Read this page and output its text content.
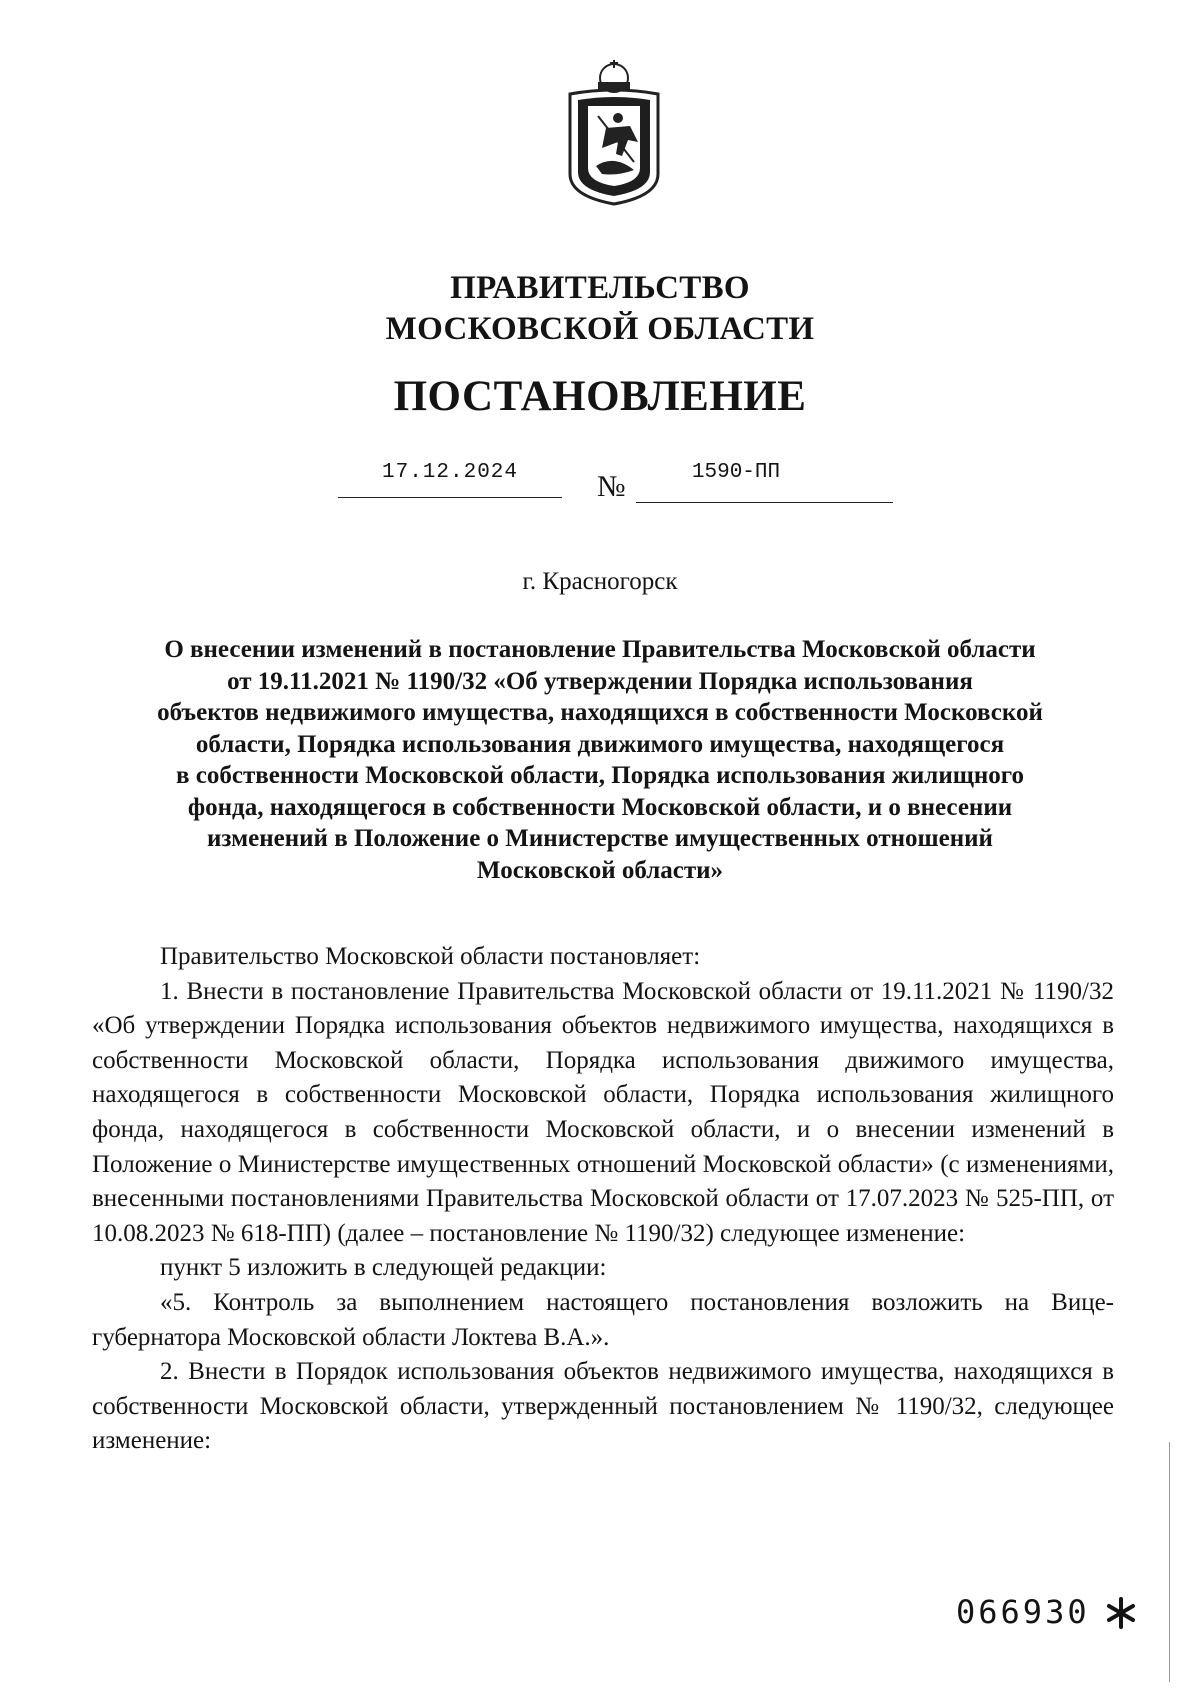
ПРАВИТЕЛЬСТВО
МОСКОВСКОЙ ОБЛАСТИ
ПОСТАНОВЛЕНИЕ
17.12.2024	№	1590-ПП
г. Красногорск
О внесении изменений в постановление Правительства Московской области
от 19.11.2021 № 1190/32 «Об утверждении Порядка использования
объектов недвижимого имущества, находящихся в собственности Московской
области, Порядка использования движимого имущества, находящегося
в собственности Московской области, Порядка использования жилищного
фонда, находящегося в собственности Московской области, и о внесении
изменений в Положение о Министерстве имущественных отношений
Московской области»

Правительство Московской области постановляет:

1. Внести в постановление Правительства Московской области от 19.11.2021 № 1190/32 «Об утверждении Порядка использования объектов недвижимого имущества, находящихся в собственности Московской области, Порядка использования движимого имущества, находящегося в собственности Московской области, Порядка использования жилищного фонда, находящегося в собственности Московской области, и о внесении изменений в Положение о Министерстве имущественных отношений Московской области» (с изменениями, внесенными постановлениями Правительства Московской области от 17.07.2023 № 525-ПП, от 10.08.2023 № 618-ПП) (далее – постановление № 1190/32) следующее изменение:

пункт 5 изложить в следующей редакции:

«5. Контроль за выполнением настоящего постановления возложить на Вице-губернатора Московской области Локтева В.А.».

2. Внести в Порядок использования объектов недвижимого имущества, находящихся в собственности Московской области, утвержденный постановлением № 1190/32, следующее изменение:

066930
